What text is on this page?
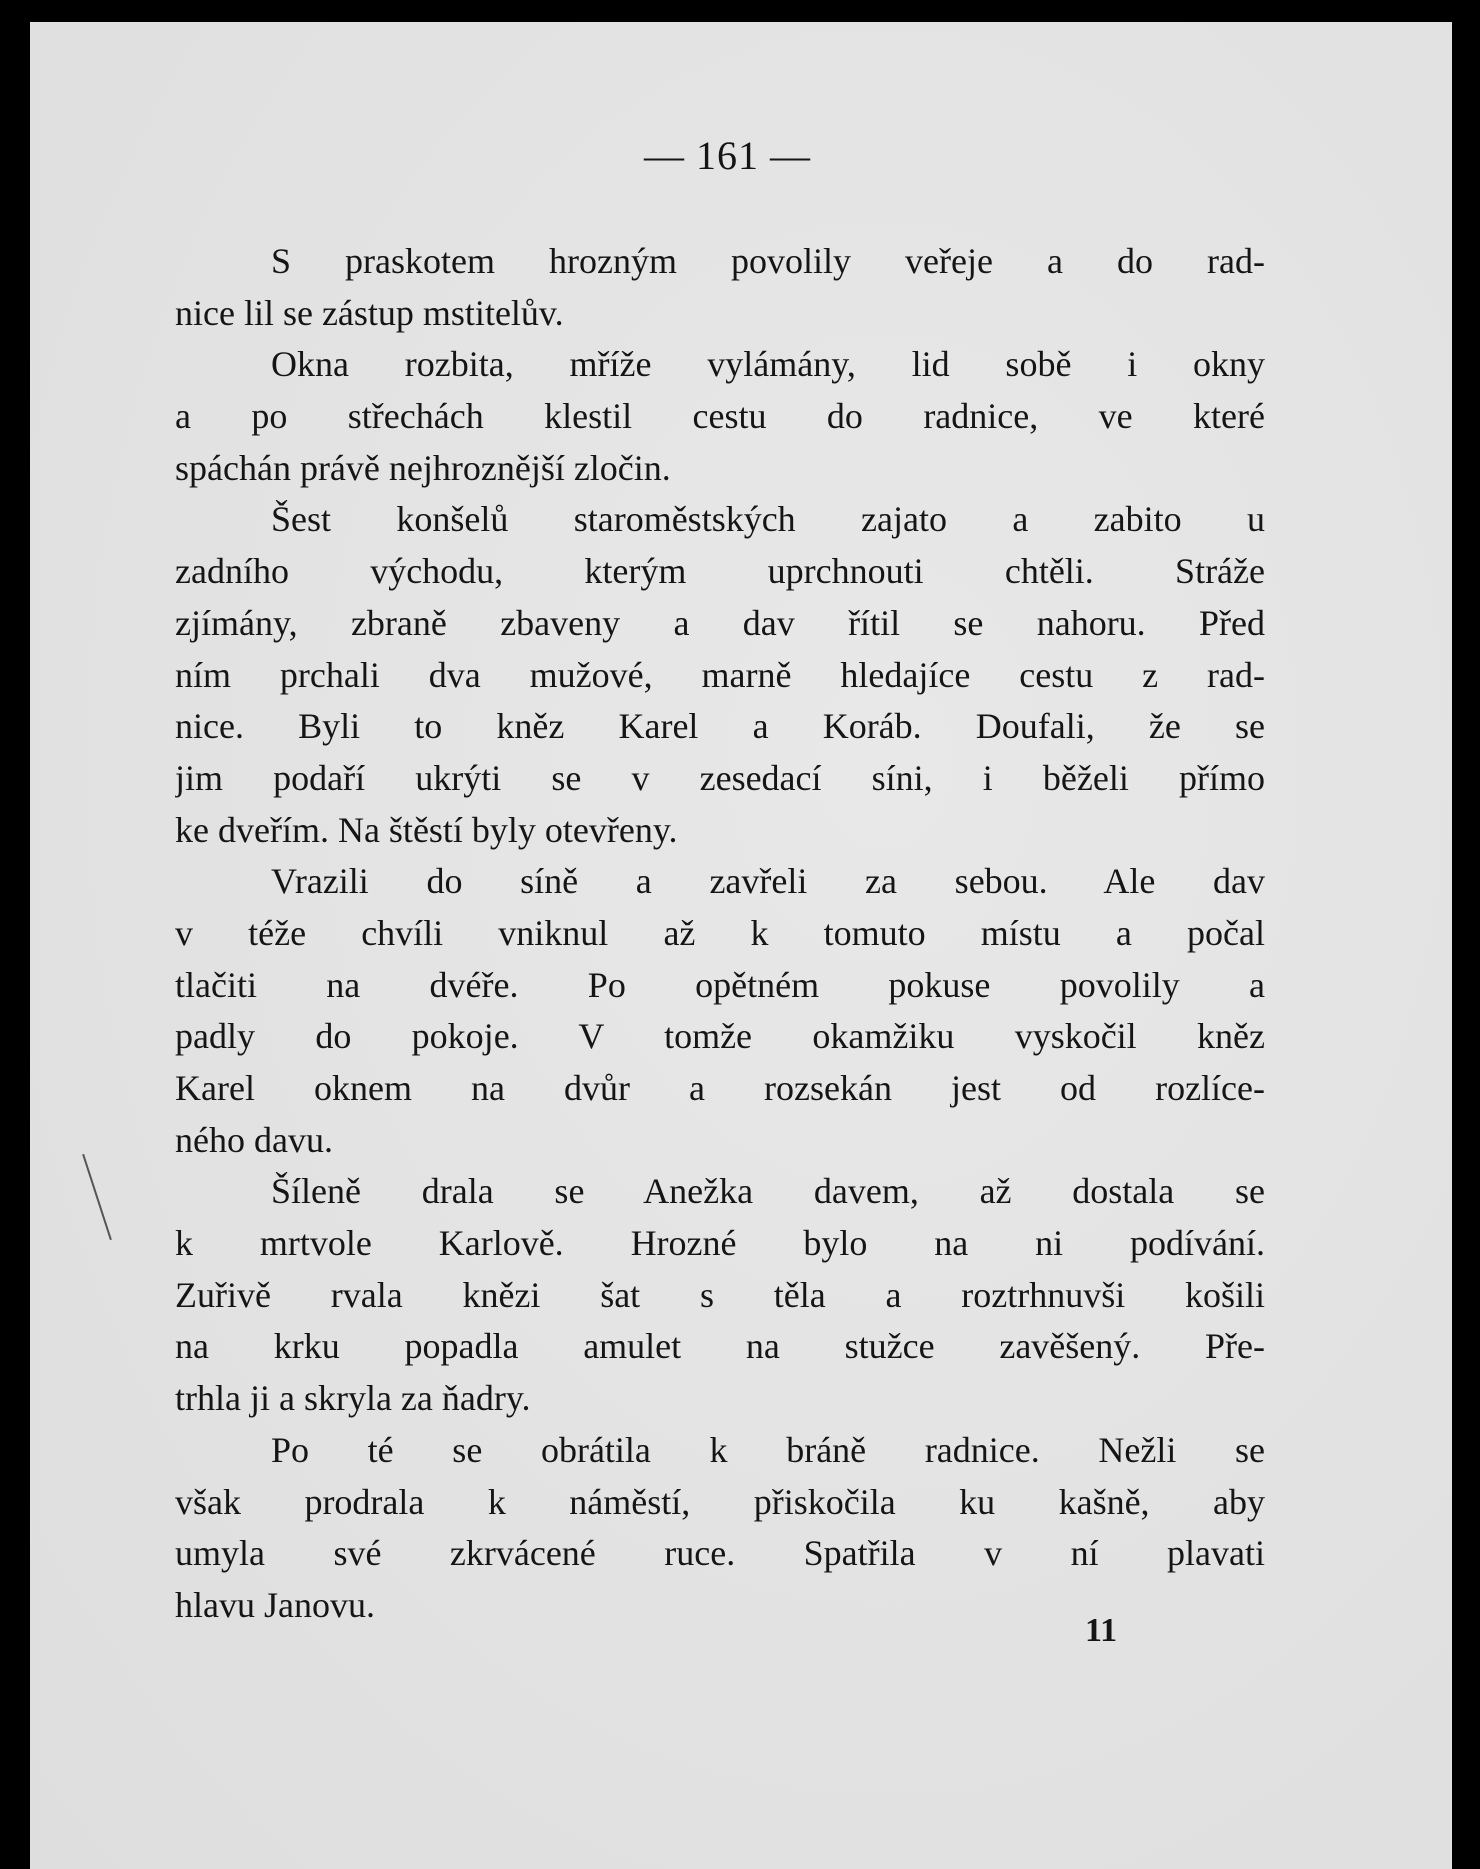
— 161 —
S praskotem hrozným povolily veřeje a do rad-
nice lil se zástup mstitelův.
Okna rozbita, mříže vylámány, lid sobě i okny
a po střechách klestil cestu do radnice, ve které
spáchán právě nejhroznější zločin.
Šest konšelů staroměstských zajato a zabito u
zadního východu, kterým uprchnouti chtěli. Stráže
zjímány, zbraně zbaveny a dav řítil se nahoru. Před
ním prchali dva mužové, marně hledajíce cestu z rad-
nice. Byli to kněz Karel a Koráb. Doufali, že se
jim podaří ukrýti se v zesedací síni, i běželi přímo
ke dveřím. Na štěstí byly otevřeny.
Vrazili do síně a zavřeli za sebou. Ale dav
v téže chvíli vniknul až k tomuto místu a počal
tlačiti na dvéře. Po opětném pokuse povolily a
padly do pokoje. V tomže okamžiku vyskočil kněz
Karel oknem na dvůr a rozsekán jest od rozlíce-
ného davu.
Šíleně drala se Anežka davem, až dostala se
k mrtvole Karlově. Hrozné bylo na ni podívání.
Zuřivě rvala knězi šat s těla a roztrhnuvši košili
na krku popadla amulet na stužce zavěšený. Pře-
trhla ji a skryla za ňadry.
Po té se obrátila k bráně radnice. Nežli se
však prodrala k náměstí, přiskočila ku kašně, aby
umyla své zkrvácené ruce. Spatřila v ní plavati
hlavu Janovu.
11
